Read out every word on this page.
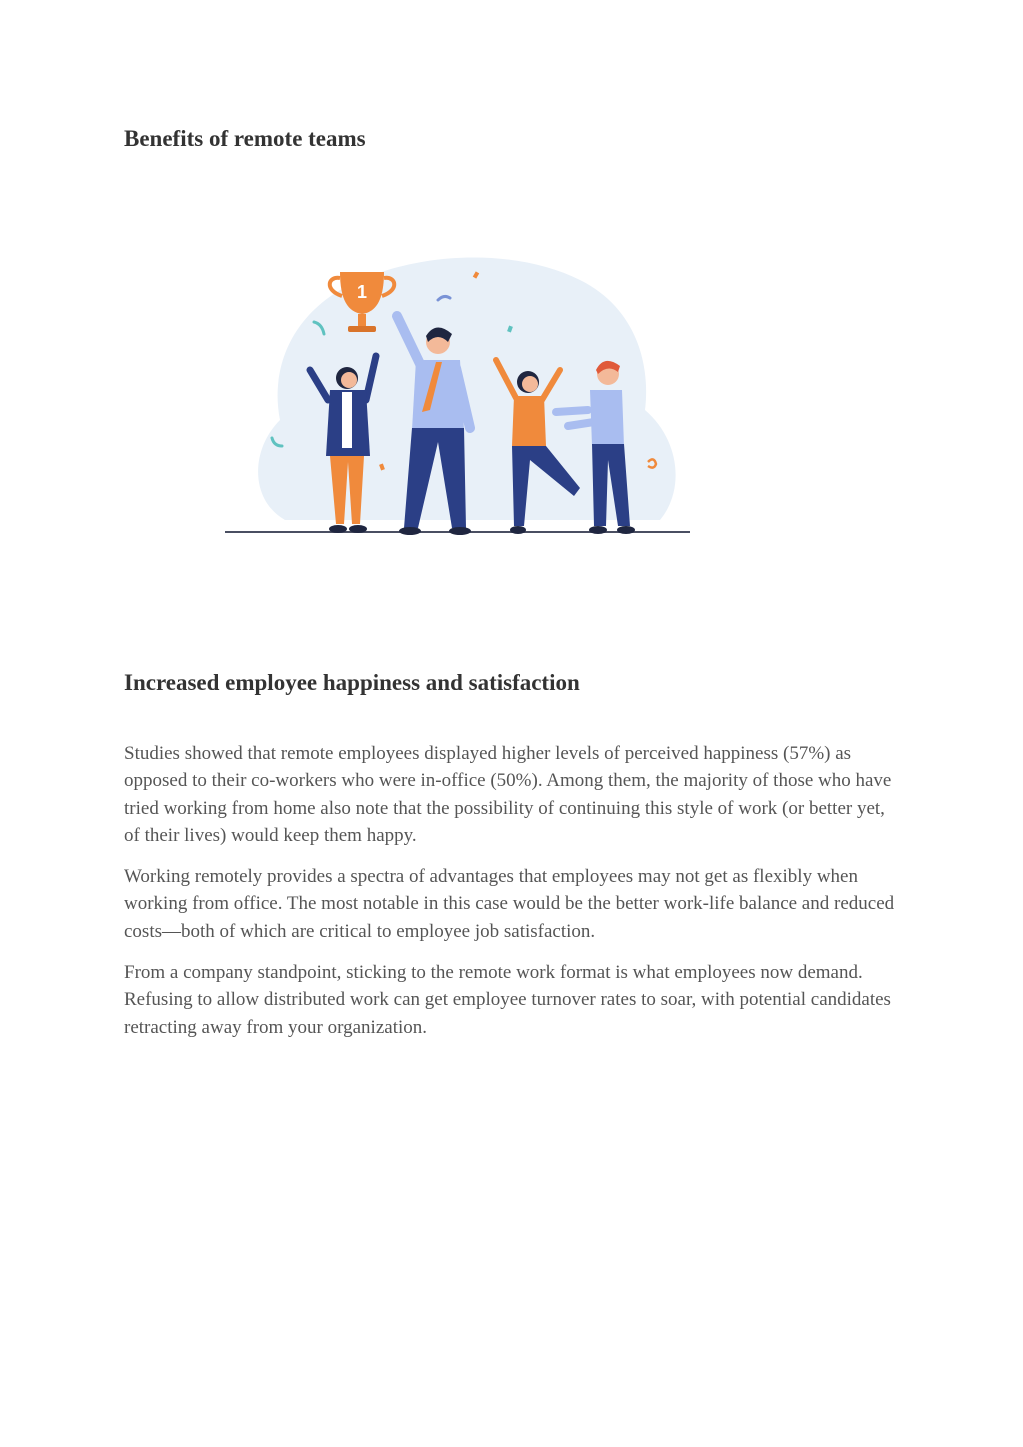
Benefits of remote teams
1
Increased employee happiness and satisfaction

Studies showed that remote employees displayed higher levels of perceived happiness (57%) as opposed to their co-workers who were in-office (50%). Among them, the majority of those who have tried working from home also note that the possibility of continuing this style of work (or better yet, of their lives) would keep them happy.

Working remotely provides a spectra of advantages that employees may not get as flexibly when working from office. The most notable in this case would be the better work-life balance and reduced costs—both of which are critical to employee job satisfaction.

From a company standpoint, sticking to the remote work format is what employees now demand. Refusing to allow distributed work can get employee turnover rates to soar, with potential candidates retracting away from your organization.
